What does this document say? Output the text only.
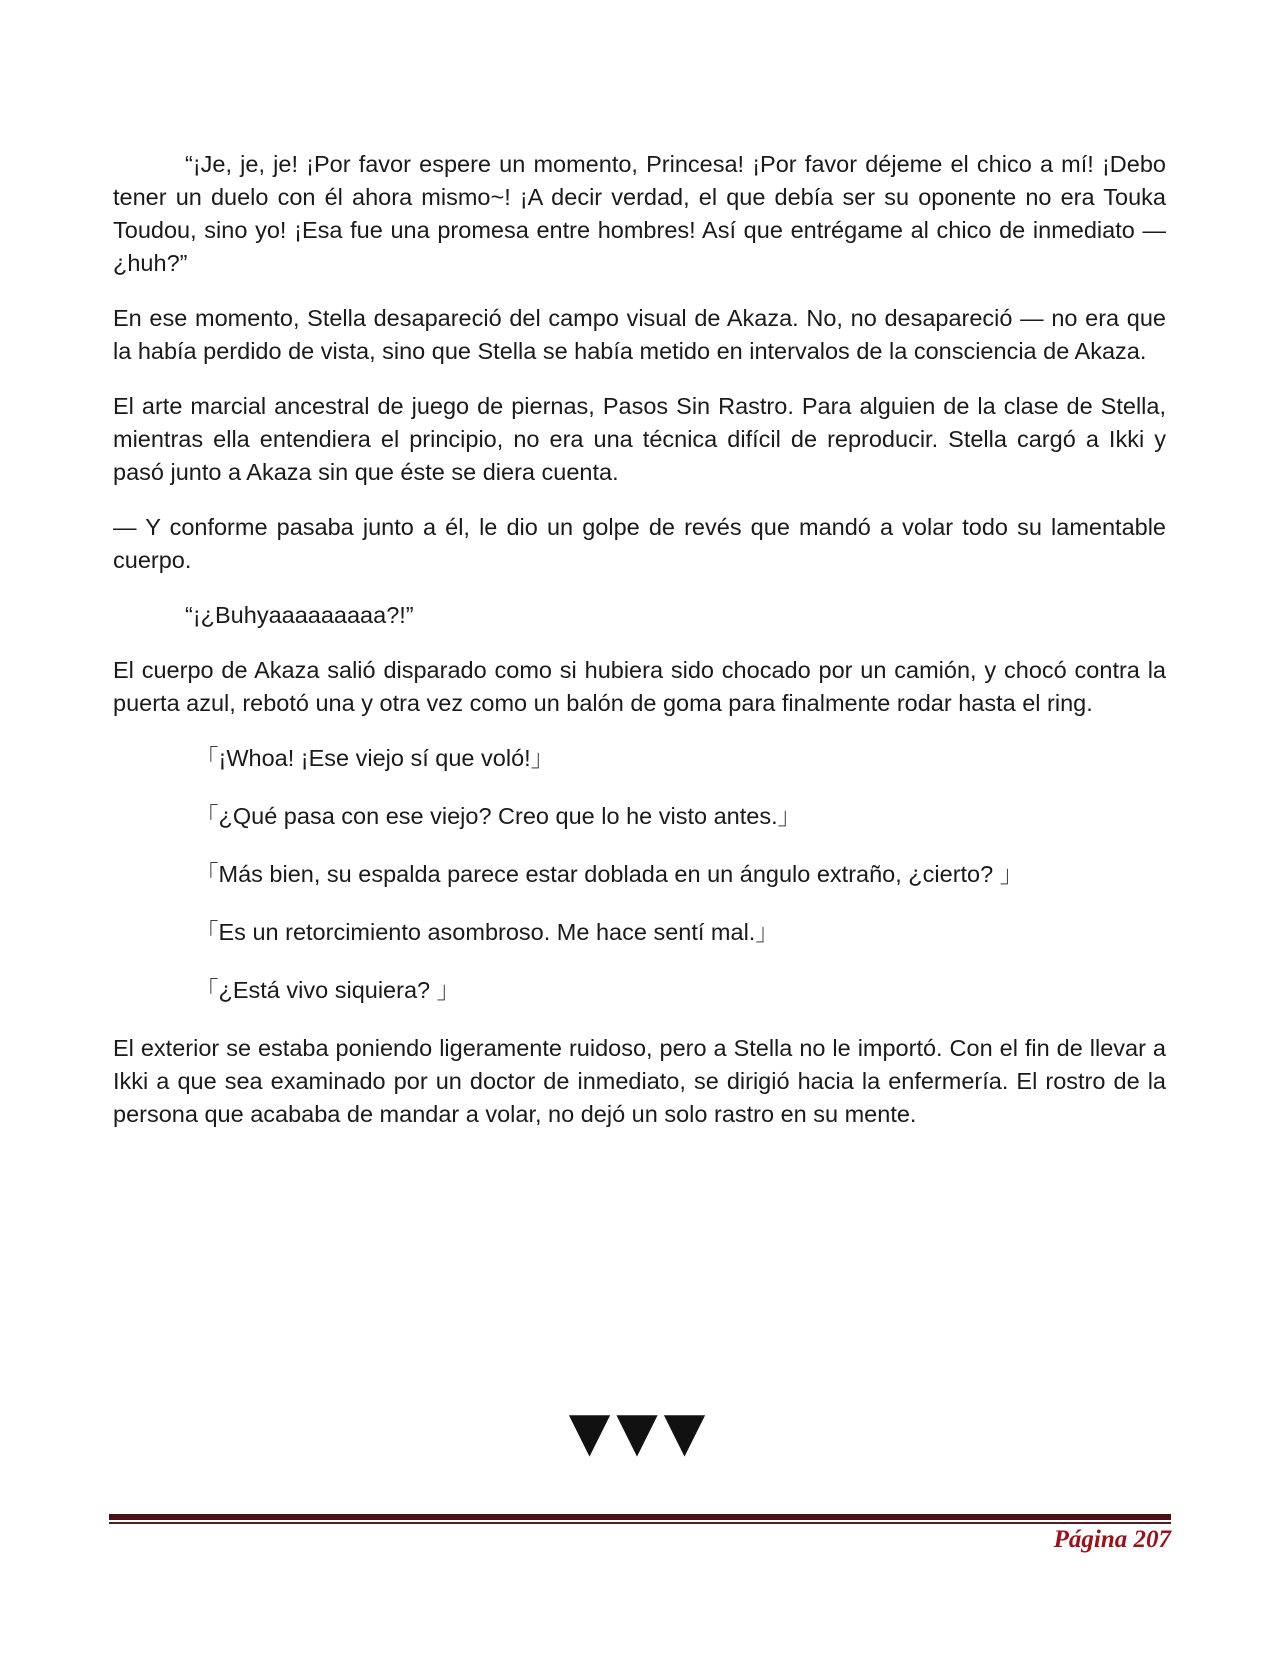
“¡Je, je, je! ¡Por favor espere un momento, Princesa! ¡Por favor déjeme el chico a mí! ¡Debo tener un duelo con él ahora mismo~! ¡A decir verdad, el que debía ser su oponente no era Touka Toudou, sino yo! ¡Esa fue una promesa entre hombres! Así que entrégame al chico de inmediato — ¿huh?”

En ese momento, Stella desapareció del campo visual de Akaza. No, no desapareció — no era que la había perdido de vista, sino que Stella se había metido en intervalos de la consciencia de Akaza.

El arte marcial ancestral de juego de piernas, Pasos Sin Rastro. Para alguien de la clase de Stella, mientras ella entendiera el principio, no era una técnica difícil de reproducir. Stella cargó a Ikki y pasó junto a Akaza sin que éste se diera cuenta.

— Y conforme pasaba junto a él, le dio un golpe de revés que mandó a volar todo su lamentable cuerpo.

“¡¿Buhyaaaaaaaaa?!”

El cuerpo de Akaza salió disparado como si hubiera sido chocado por un camión, y chocó contra la puerta azul, rebotó una y otra vez como un balón de goma para finalmente rodar hasta el ring.

「¡Whoa! ¡Ese viejo sí que voló!」
「¿Qué pasa con ese viejo? Creo que lo he visto antes.」
「Más bien, su espalda parece estar doblada en un ángulo extraño, ¿cierto? 」
「Es un retorcimiento asombroso. Me hace sentí mal.」
「¿Está vivo siquiera? 」

El exterior se estaba poniendo ligeramente ruidoso, pero a Stella no le importó. Con el fin de llevar a Ikki a que sea examinado por un doctor de inmediato, se dirigió hacia la enfermería. El rostro de la persona que acababa de mandar a volar, no dejó un solo rastro en su mente.

▼▼▼
Página 207
